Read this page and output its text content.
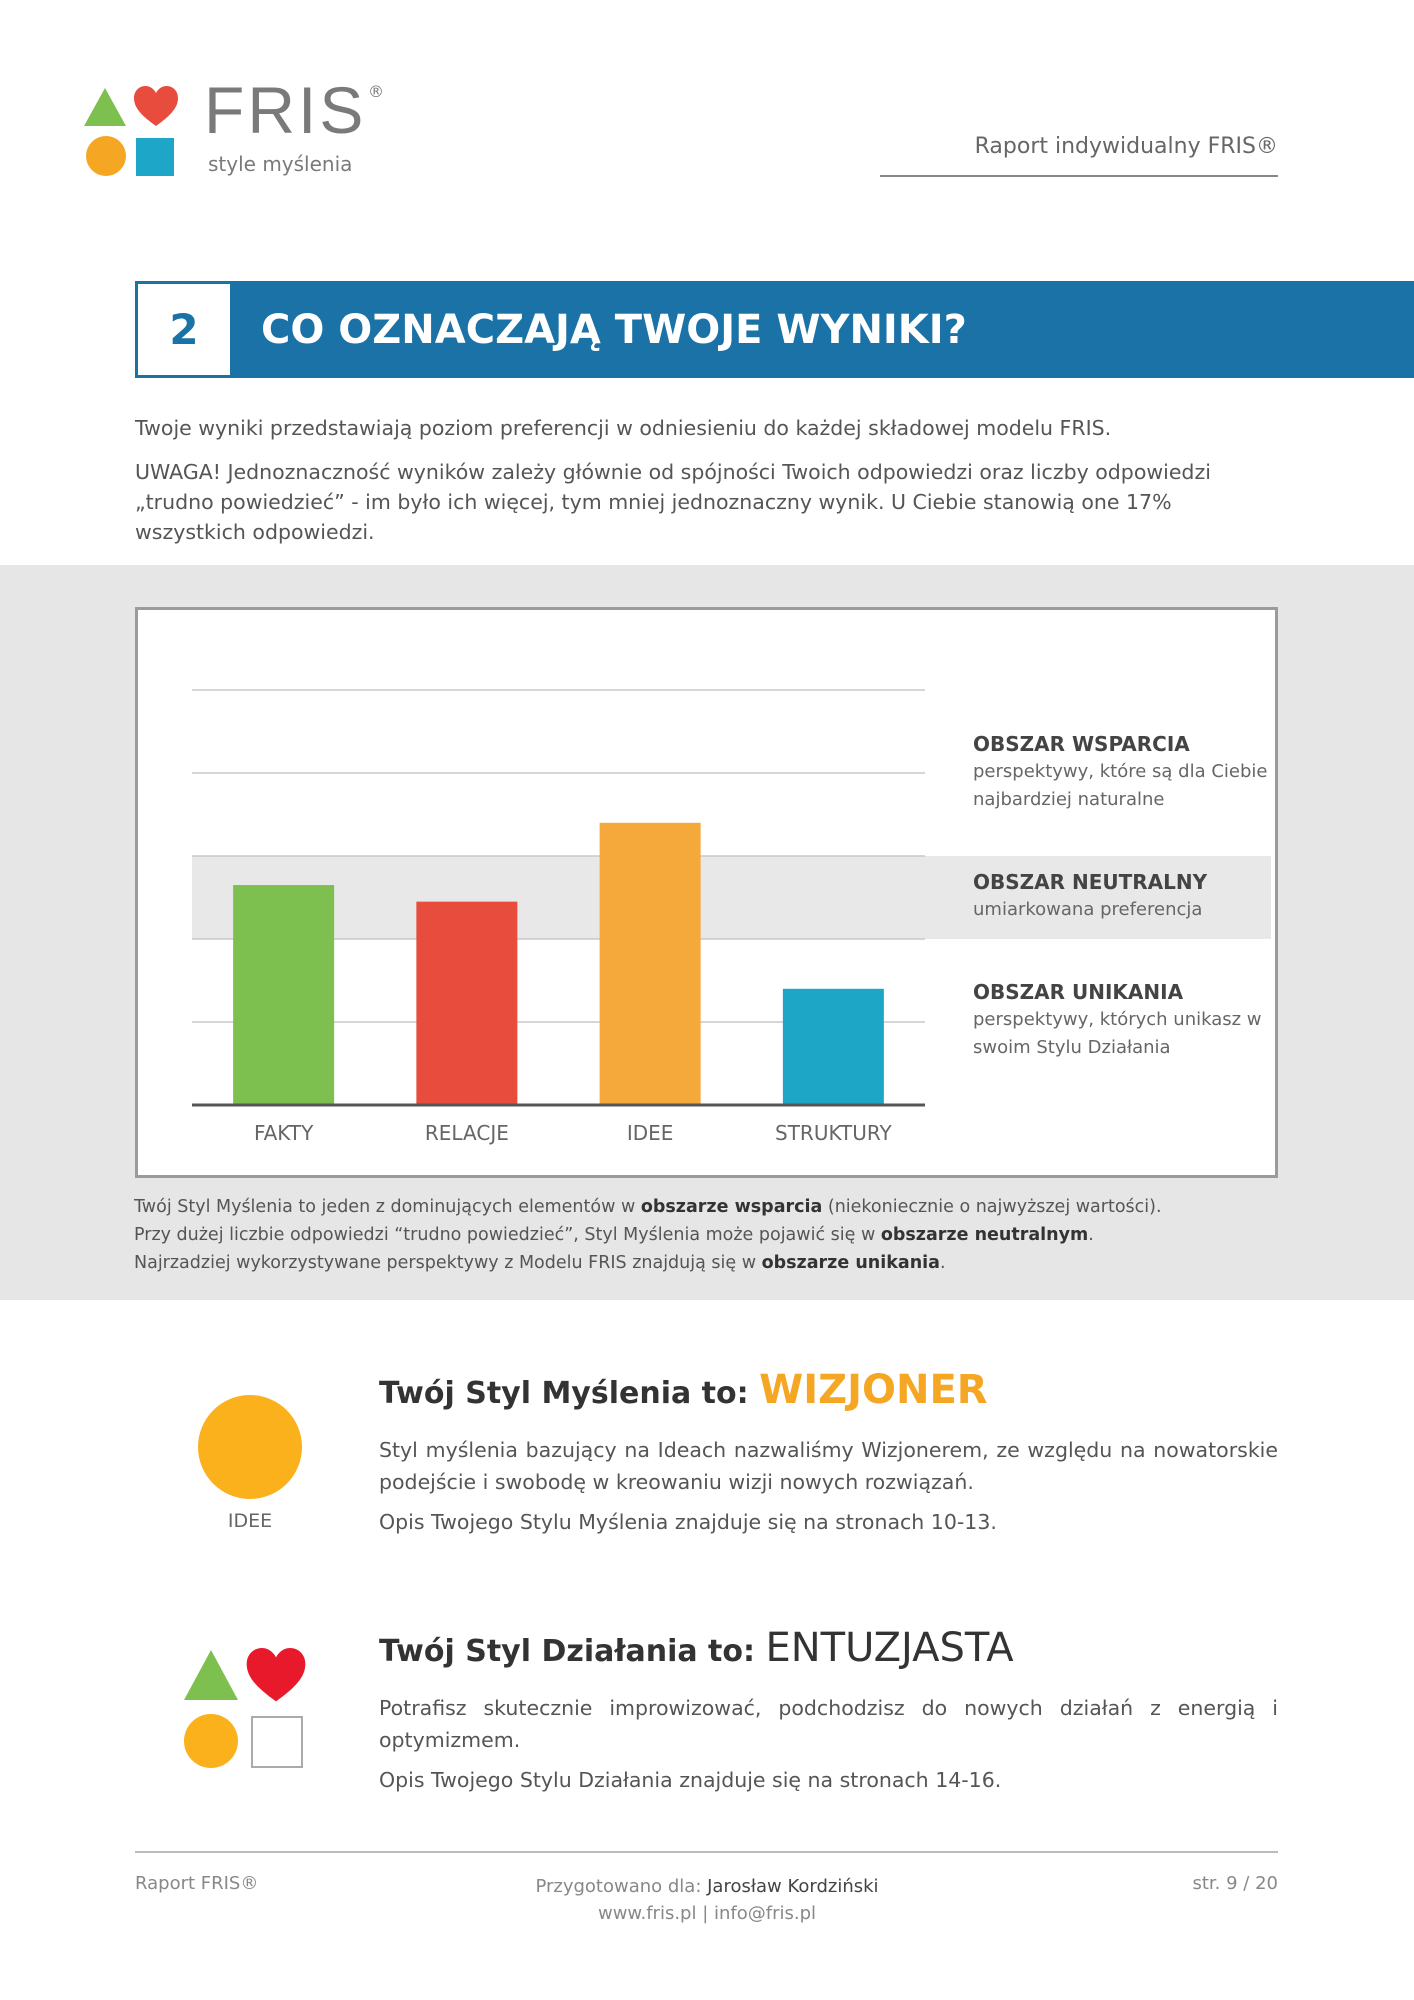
FRIS ®
style myślenia
Raport indywidualny FRIS®
2	CO OZNACZAJĄ TWOJE WYNIKI?
Twoje wyniki przedstawiają poziom preferencji w odniesieniu do każdej składowej modelu FRIS.
UWAGA! Jednoznaczność wyników zależy głównie od spójności Twoich odpowiedzi oraz liczby odpowiedzi „trudno powiedzieć” - im było ich więcej, tym mniej jednoznaczny wynik. U Ciebie stanowią one 17% wszystkich odpowiedzi.
FAKTY	RELACJE	IDEE	STRUKTURY
OBSZAR WSPARCIA
perspektywy, które są dla Ciebie najbardziej naturalne
OBSZAR NEUTRALNY
umiarkowana preferencja
OBSZAR UNIKANIA
perspektywy, których unikasz w swoim Stylu Działania
Twój Styl Myślenia to jeden z dominujących elementów w obszarze wsparcia (niekoniecznie o najwyższej wartości).
Przy dużej liczbie odpowiedzi “trudno powiedzieć”, Styl Myślenia może pojawić się w obszarze neutralnym.
Najrzadziej wykorzystywane perspektywy z Modelu FRIS znajdują się w obszarze unikania.
IDEE
Twój Styl Myślenia to: WIZJONER
Styl myślenia bazujący na Ideach nazwaliśmy Wizjonerem, ze względu na nowatorskie podejście i swobodę w kreowaniu wizji nowych rozwiązań.
Opis Twojego Stylu Myślenia znajduje się na stronach 10-13.
Twój Styl Działania to: ENTUZJASTA
Potrafisz skutecznie improwizować, podchodzisz do nowych działań z energią i optymizmem.
Opis Twojego Stylu Działania znajduje się na stronach 14-16.
Raport FRIS®	Przygotowano dla: Jarosław Kordziński
www.fris.pl | info@fris.pl
str. 9 / 20
